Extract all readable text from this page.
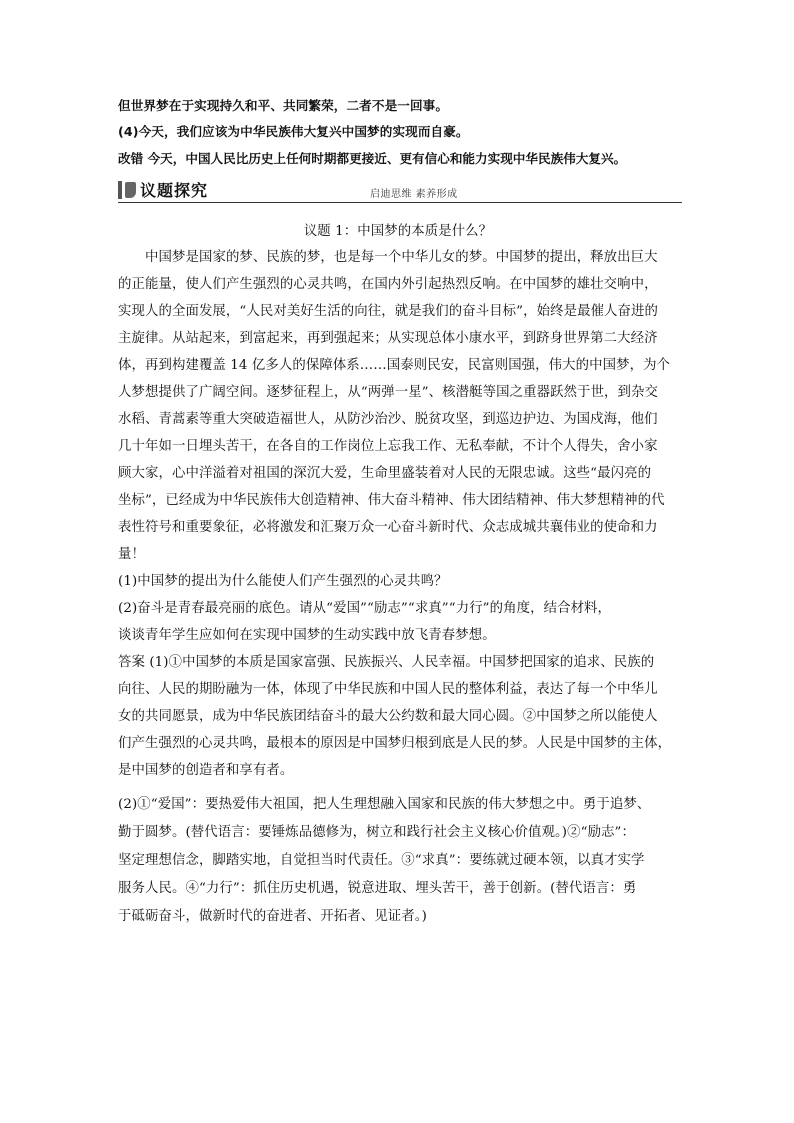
但世界梦在于实现持久和平、共同繁荣，二者不是一回事。
(4)今天，我们应该为中华民族伟大复兴中国梦的实现而自豪。
改错 今天，中国人民比历史上任何时期都更接近、更有信心和能力实现中华民族伟大复兴。
议题探究	启迪思维 素养形成
议题 1：中国梦的本质是什么？
中国梦是国家的梦、民族的梦，也是每一个中华儿女的梦。中国梦的提出，释放出巨大
的正能量，使人们产生强烈的心灵共鸣，在国内外引起热烈反响。在中国梦的雄壮交响中，
实现人的全面发展，“人民对美好生活的向往，就是我们的奋斗目标”，始终是最催人奋进的
主旋律。从站起来，到富起来，再到强起来；从实现总体小康水平，到跻身世界第二大经济
体，再到构建覆盖 14 亿多人的保障体系……国泰则民安，民富则国强，伟大的中国梦，为个
人梦想提供了广阔空间。逐梦征程上，从“两弹一星”、核潜艇等国之重器跃然于世，到杂交
水稻、青蒿素等重大突破造福世人，从防沙治沙、脱贫攻坚，到巡边护边、为国戍海，他们
几十年如一日埋头苦干，在各自的工作岗位上忘我工作、无私奉献，不计个人得失，舍小家
顾大家，心中洋溢着对祖国的深沉大爱，生命里盛装着对人民的无限忠诚。这些“最闪亮的
坐标”，已经成为中华民族伟大创造精神、伟大奋斗精神、伟大团结精神、伟大梦想精神的代
表性符号和重要象征，必将激发和汇聚万众一心奋斗新时代、众志成城共襄伟业的使命和力
量！
(1)中国梦的提出为什么能使人们产生强烈的心灵共鸣？
(2)奋斗是青春最亮丽的底色。请从“爱国”“励志”“求真”“力行”的角度，结合材料，
谈谈青年学生应如何在实现中国梦的生动实践中放飞青春梦想。
答案 (1)①中国梦的本质是国家富强、民族振兴、人民幸福。中国梦把国家的追求、民族的
向往、人民的期盼融为一体，体现了中华民族和中国人民的整体利益，表达了每一个中华儿
女的共同愿景，成为中华民族团结奋斗的最大公约数和最大同心圆。②中国梦之所以能使人
们产生强烈的心灵共鸣，最根本的原因是中国梦归根到底是人民的梦。人民是中国梦的主体，
是中国梦的创造者和享有者。
(2)①“爱国”：要热爱伟大祖国，把人生理想融入国家和民族的伟大梦想之中。勇于追梦、
勤于圆梦。(替代语言：要锤炼品德修为，树立和践行社会主义核心价值观。)②“励志”：
坚定理想信念，脚踏实地，自觉担当时代责任。③“求真”：要练就过硬本领，以真才实学
服务人民。④“力行”：抓住历史机遇，锐意进取、埋头苦干，善于创新。(替代语言：勇
于砥砺奋斗，做新时代的奋进者、开拓者、见证者。)
